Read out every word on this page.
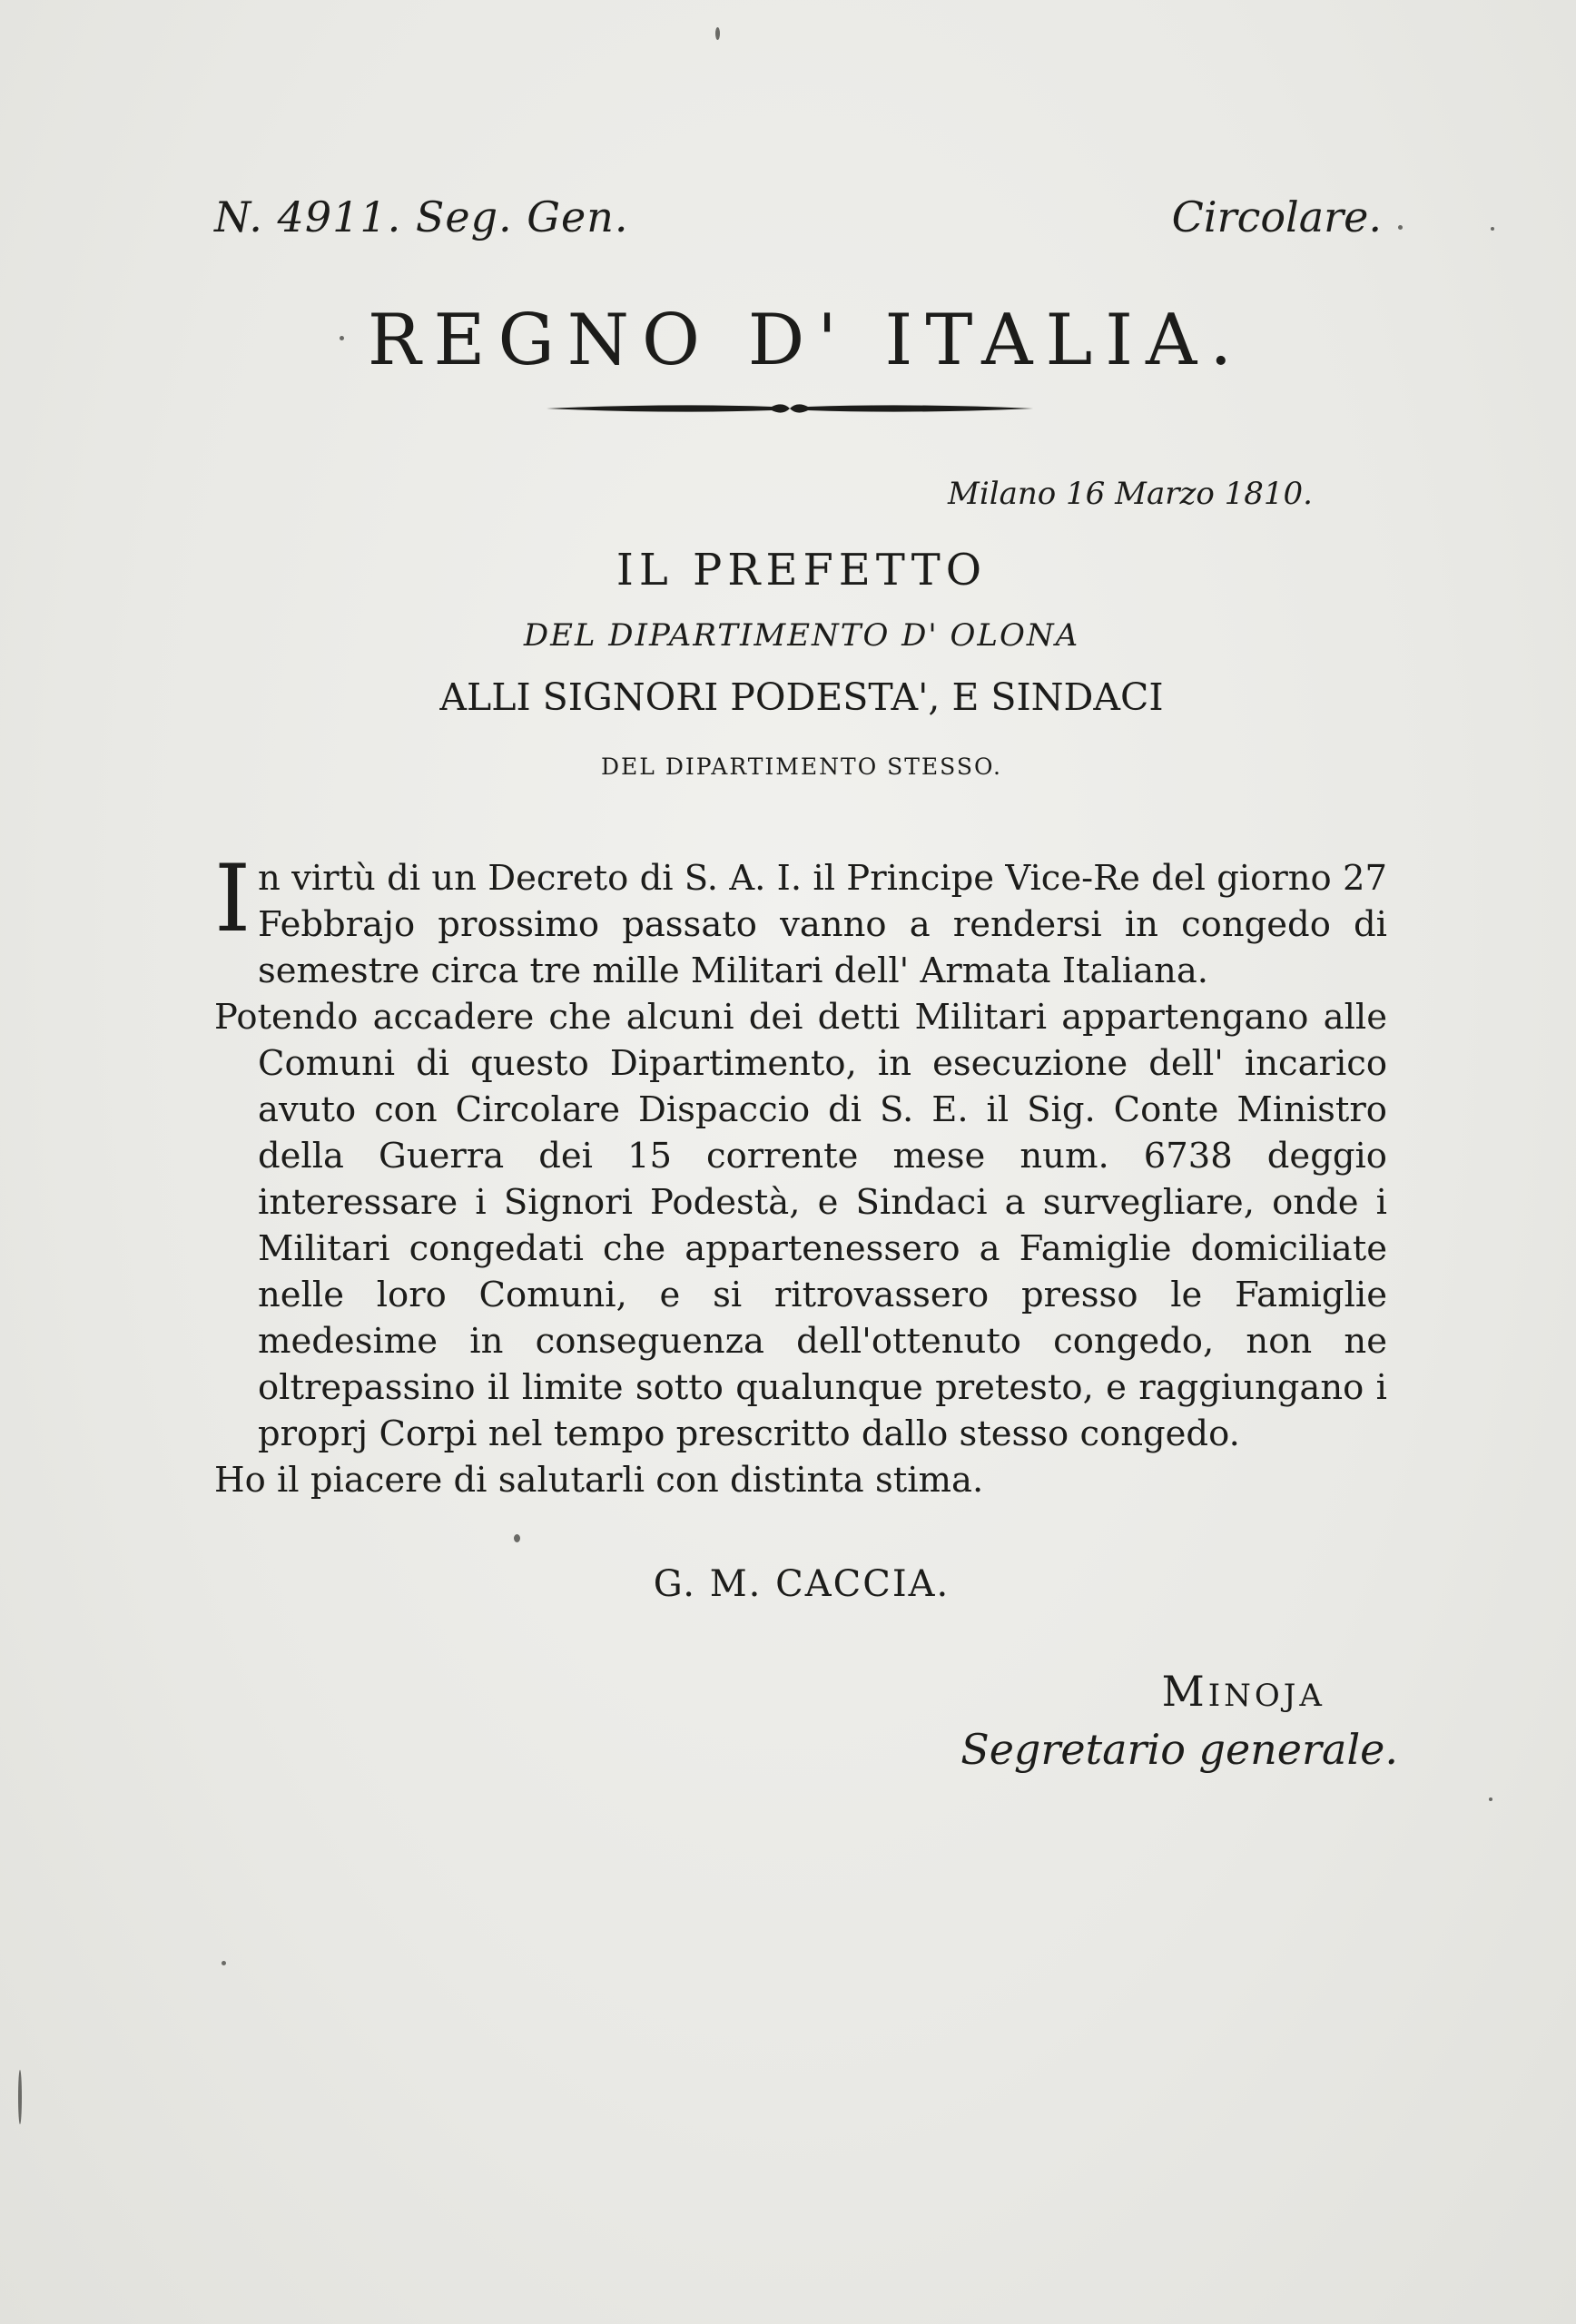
N. 4911. Seg. Gen.	Circolare.
REGNO D' ITALIA.
Milano 16 Marzo 1810.
IL PREFETTO
DEL DIPARTIMENTO D' OLONA
ALLI SIGNORI PODESTA', E SINDACI
DEL DIPARTIMENTO STESSO.

I n virtù di un Decreto di S. A. I. il Principe Vice-Re del giorno 27 Febbrajo prossimo passato vanno a rendersi in congedo di semestre circa tre mille Militari dell' Armata Italiana.

Potendo accadere che alcuni dei detti Militari appartengano alle Comuni di questo Dipartimento, in esecuzione dell' incarico avuto con Circolare Dispaccio di S. E. il Sig. Conte Ministro della Guerra dei 15 corrente mese num. 6738 deggio interessare i Signori Podestà, e Sindaci a survegliare, onde i Militari congedati che appartenessero a Famiglie domiciliate nelle loro Comuni, e si ritrovassero presso le Famiglie medesime in conseguenza dell'ottenuto congedo, non ne oltrepassino il limite sotto qualunque pretesto, e raggiungano i proprj Corpi nel tempo prescritto dallo stesso congedo.

Ho il piacere di salutarli con distinta stima.

G. M. CACCIA.
MINOJA
Segretario generale.
